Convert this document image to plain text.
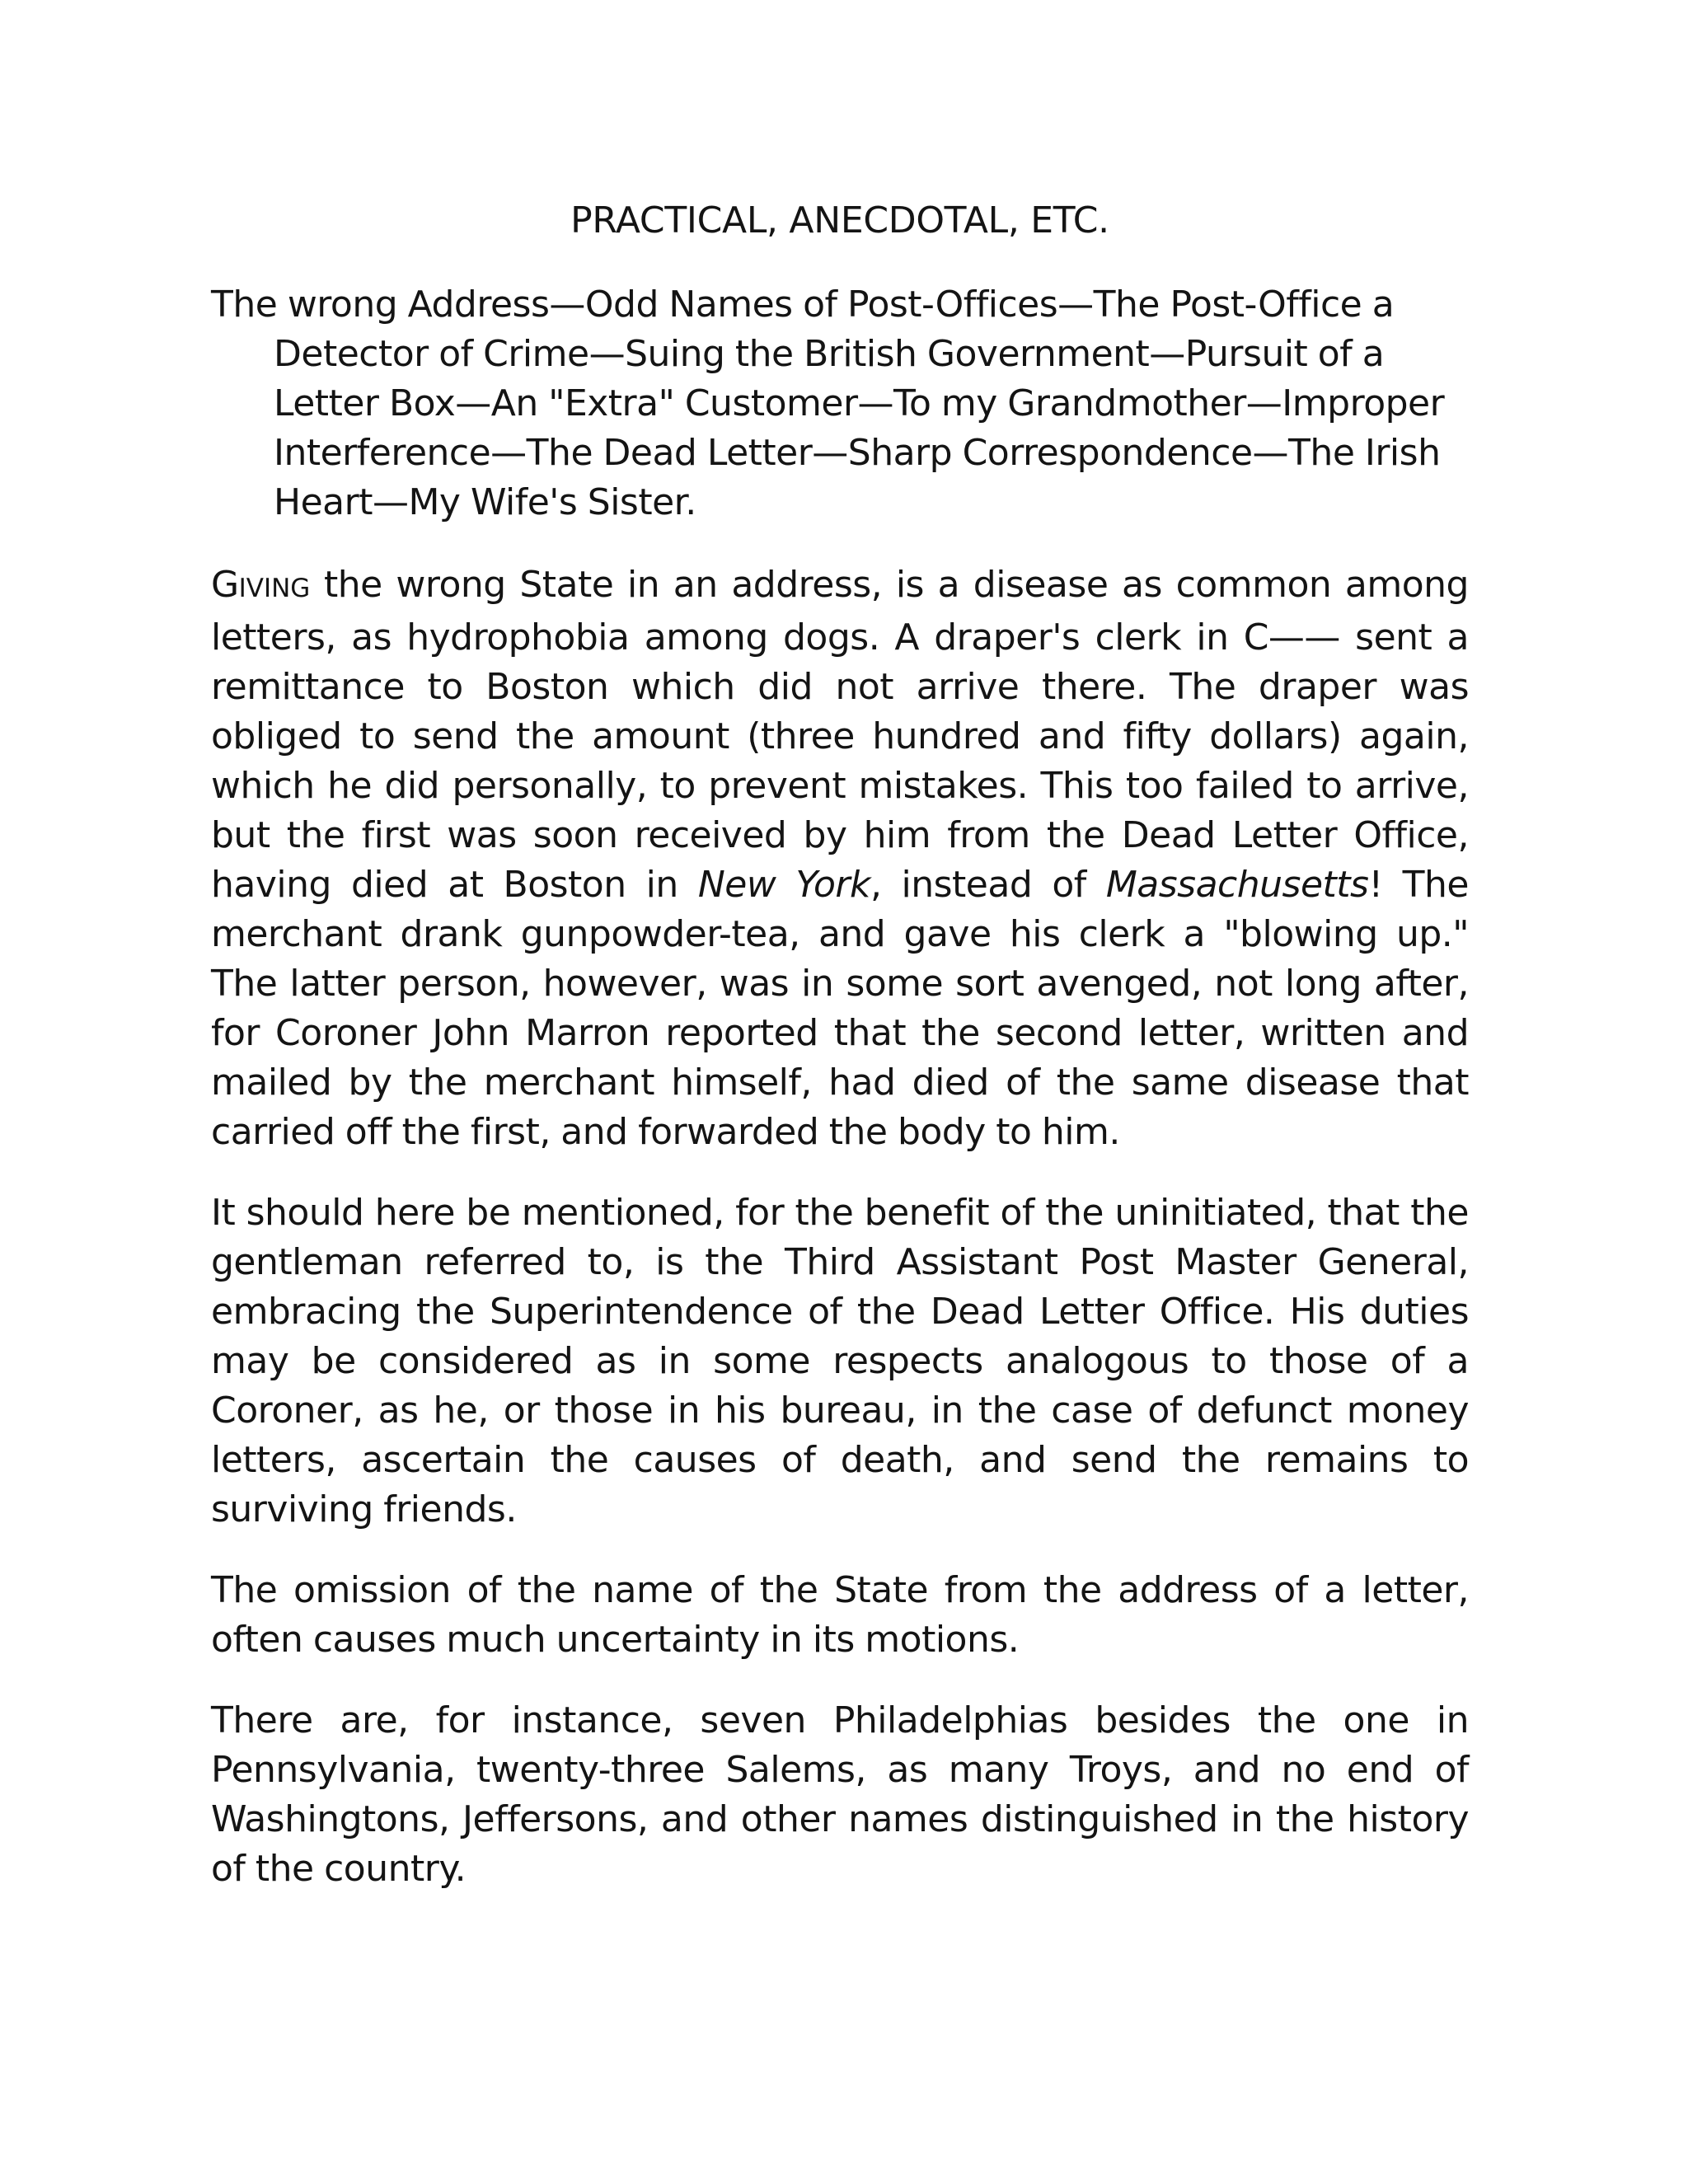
PRACTICAL, ANECDOTAL, ETC.

The wrong Address—Odd Names of Post-Offices—The Post-Office a Detector of Crime—Suing the British Government—Pursuit of a Letter Box—An "Extra" Customer—To my Grandmother—Improper Interference—The Dead Letter—Sharp Correspondence—The Irish Heart—My Wife's Sister.

GIVING the wrong State in an address, is a disease as common among letters, as hydrophobia among dogs. A draper's clerk in C—— sent a remittance to Boston which did not arrive there. The draper was obliged to send the amount (three hundred and fifty dollars) again, which he did personally, to prevent mistakes. This too failed to arrive, but the first was soon received by him from the Dead Letter Office, having died at Boston in New York, instead of Massachusetts! The merchant drank gunpowder-tea, and gave his clerk a "blowing up." The latter person, however, was in some sort avenged, not long after, for Coroner John Marron reported that the second letter, written and mailed by the merchant himself, had died of the same disease that carried off the first, and forwarded the body to him.

It should here be mentioned, for the benefit of the uninitiated, that the gentleman referred to, is the Third Assistant Post Master General, embracing the Superintendence of the Dead Letter Office. His duties may be considered as in some respects analogous to those of a Coroner, as he, or those in his bureau, in the case of defunct money letters, ascertain the causes of death, and send the remains to surviving friends.

The omission of the name of the State from the address of a letter, often causes much uncertainty in its motions.

There are, for instance, seven Philadelphias besides the one in Pennsylvania, twenty-three Salems, as many Troys, and no end of Washingtons, Jeffersons, and other names distinguished in the history of the country.
